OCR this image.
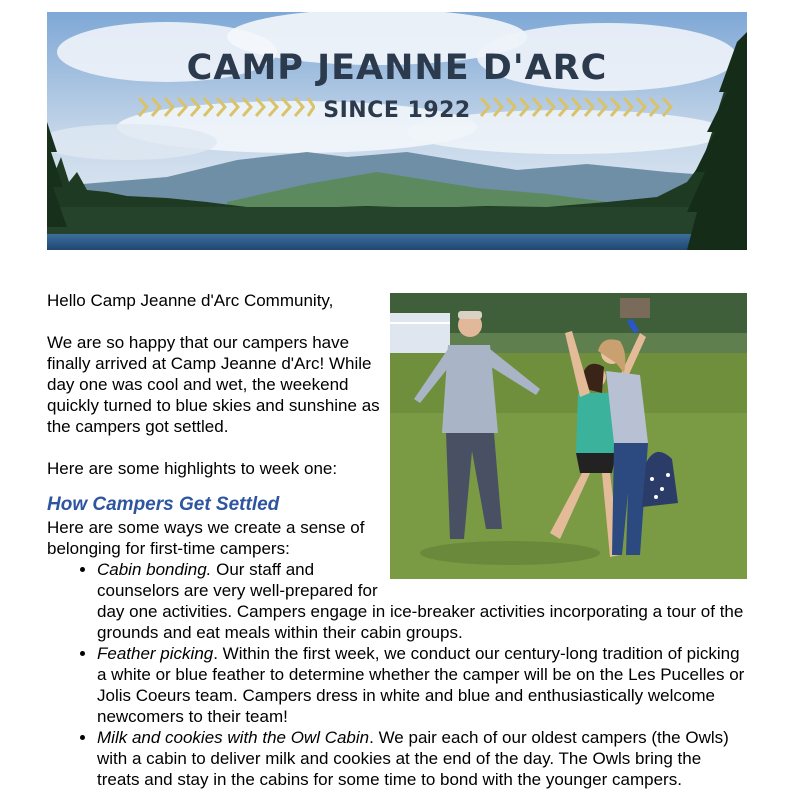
CAMP JEANNE D'ARC
SINCE 1922

Hello Camp Jeanne d'Arc Community,

We are so happy that our campers have finally arrived at Camp Jeanne d'Arc! While day one was cool and wet, the weekend quickly turned to blue skies and sunshine as the campers got settled.

Here are some highlights to week one:

How Campers Get Settled

Here are some ways we create a sense of belonging for first-time campers:

• Cabin bonding. Our staff and counselors are very well-prepared for day one activities. Campers engage in ice-breaker activities incorporating a tour of the grounds and eat meals within their cabin groups.
• Feather picking. Within the first week, we conduct our century-long tradition of picking a white or blue feather to determine whether the camper will be on the Les Pucelles or Jolis Coeurs team. Campers dress in white and blue and enthusiastically welcome newcomers to their team!
• Milk and cookies with the Owl Cabin. We pair each of our oldest campers (the Owls) with a cabin to deliver milk and cookies at the end of the day. The Owls bring the treats and stay in the cabins for some time to bond with the younger campers.
